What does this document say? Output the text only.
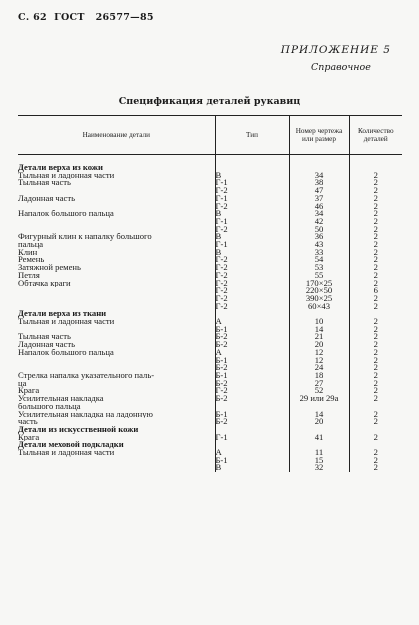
С. 62  ГОСТ   26577—85
ПРИЛОЖЕНИЕ 5
Справочное
Спецификация деталей рукавиц
Наименование детали	Тип	Номер чертежа или размер	Количество деталей
Детали верха из кожи			
Тыльная и ладонная части	В	34	2
Тыльная часть	Г-1	38	2
	Г-2	47	2
Ладонная часть	Г-1	37	2
	Г-2	46	2
Напалок большого пальца	В	34	2
	Г-1	42	2
	Г-2	50	2
Фигурный клин к напалку большого	В	36	2
пальца	Г-1	43	2
Клин	В	33	2
Ремень	Г-2	54	2
Затяжной ремень	Г-2	53	2
Петля	Г-2	55	2
Обтачка краги	Г-2	170×25	2
	Г-2	220×50	6
	Г-2	390×25	2
	Г-2	60×43	2
Детали верха из ткани			
Тыльная и ладонная части	А	10	2
	Б-1	14	2
Тыльная часть	Б-2	21	2
Ладонная часть	Б-2	20	2
Напалок большого пальца	А	12	2
	Б-1	12	2
	Б-2	24	2
Стрелка напалка указательного паль-	Б-1	18	2
ца	Б-2	27	2
Крага	Г-2	52	2
Усилительная накладка	Б-2	29 или 29а	2
большого пальца			
Усилительная накладка на ладонную	Б-1	14	2
часть	Б-2	20	2
Детали из искусственной кожи			
Крага	Г-1	41	2
Детали меховой подкладки			
Тыльная и ладонная части	А	11	2
	Б-1	15	2
	В	32	2
